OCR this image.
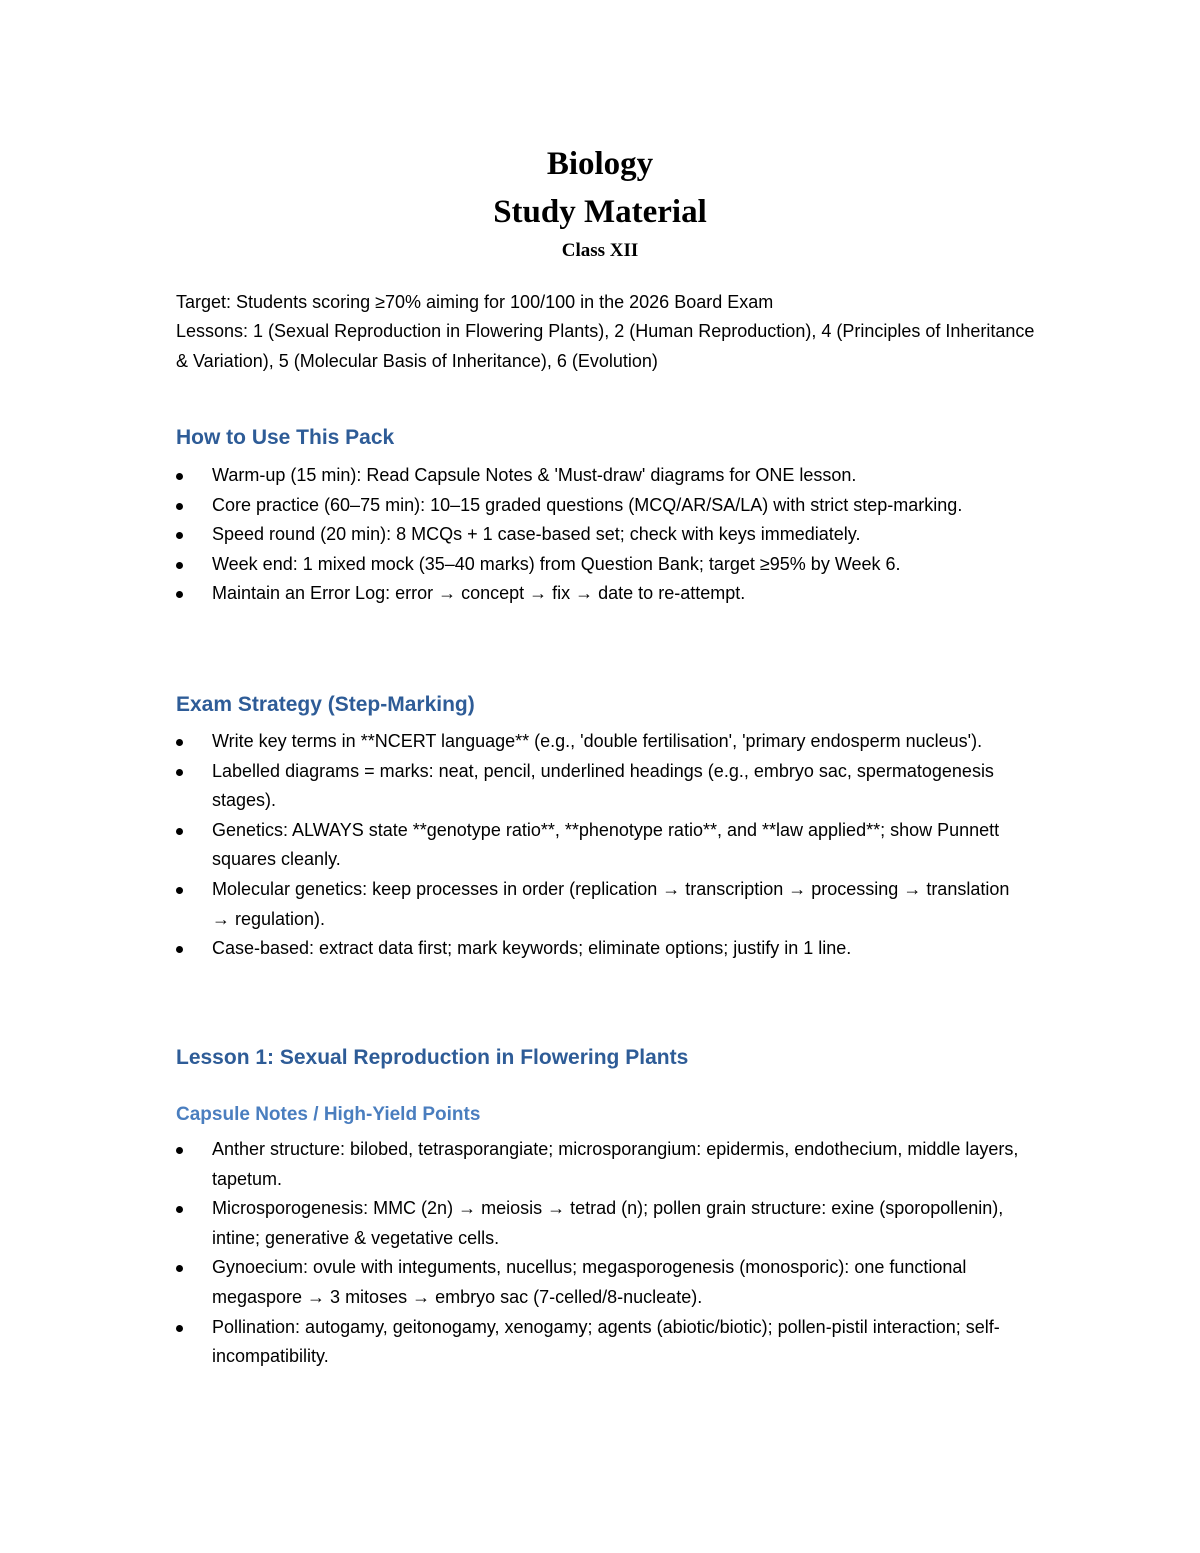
Biology
Study Material
Class XII
Target: Students scoring ≥70% aiming for 100/100 in the 2026 Board Exam
Lessons: 1 (Sexual Reproduction in Flowering Plants), 2 (Human Reproduction), 4 (Principles of Inheritance & Variation), 5 (Molecular Basis of Inheritance), 6 (Evolution)
How to Use This Pack
Warm-up (15 min): Read Capsule Notes & 'Must-draw' diagrams for ONE lesson.
Core practice (60–75 min): 10–15 graded questions (MCQ/AR/SA/LA) with strict step-marking.
Speed round (20 min): 8 MCQs + 1 case-based set; check with keys immediately.
Week end: 1 mixed mock (35–40 marks) from Question Bank; target ≥95% by Week 6.
Maintain an Error Log: error → concept → fix → date to re-attempt.
Exam Strategy (Step-Marking)
Write key terms in **NCERT language** (e.g., 'double fertilisation', 'primary endosperm nucleus').
Labelled diagrams = marks: neat, pencil, underlined headings (e.g., embryo sac, spermatogenesis stages).
Genetics: ALWAYS state **genotype ratio**, **phenotype ratio**, and **law applied**; show Punnett squares cleanly.
Molecular genetics: keep processes in order (replication → transcription → processing → translation → regulation).
Case-based: extract data first; mark keywords; eliminate options; justify in 1 line.
Lesson 1: Sexual Reproduction in Flowering Plants
Capsule Notes / High-Yield Points
Anther structure: bilobed, tetrasporangiate; microsporangium: epidermis, endothecium, middle layers, tapetum.
Microsporogenesis: MMC (2n) → meiosis → tetrad (n); pollen grain structure: exine (sporopollenin), intine; generative & vegetative cells.
Gynoecium: ovule with integuments, nucellus; megasporogenesis (monosporic): one functional megaspore → 3 mitoses → embryo sac (7-celled/8-nucleate).
Pollination: autogamy, geitonogamy, xenogamy; agents (abiotic/biotic); pollen-pistil interaction; self-incompatibility.
